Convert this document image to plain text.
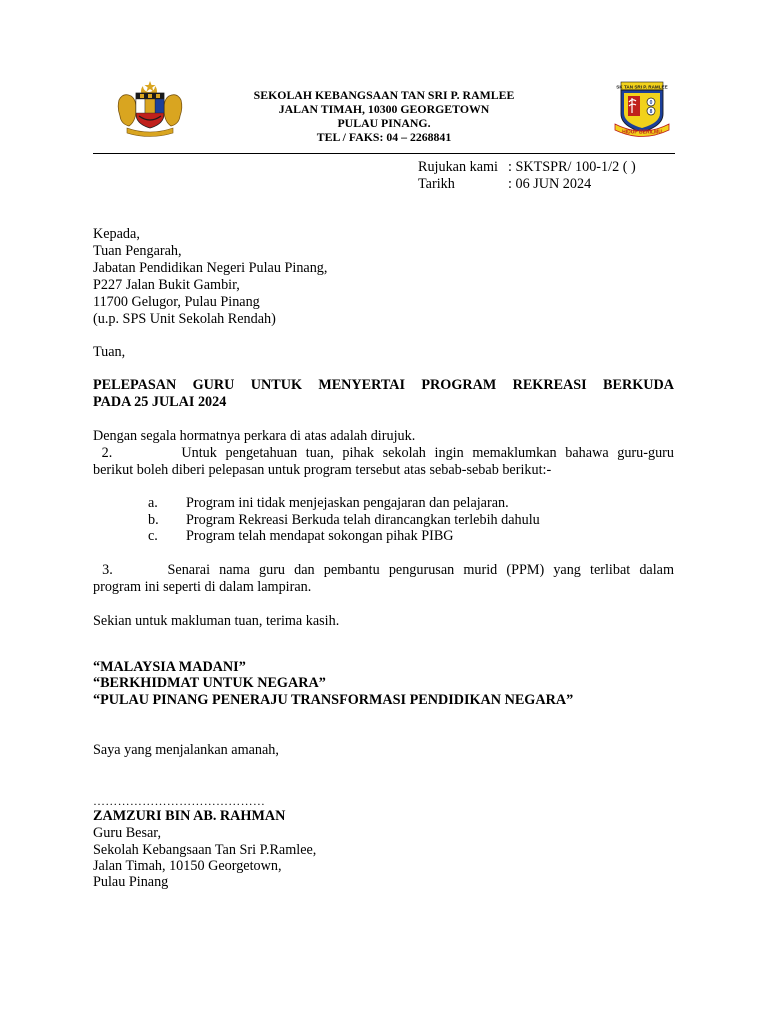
SEKOLAH KEBANGSAAN TAN SRI P. RAMLEE
JALAN TIMAH, 10300 GEORGETOWN
PULAU PINANG.
TEL / FAKS: 04 – 2268841
SK TAN SRI P. RAMLEE
0
8
HIDUP BERILMU
Rujukan kami : SKTSPR/ 100-1/2 ( )
Tarikh	: 06 JUN 2024
Kepada,
Tuan Pengarah,
Jabatan Pendidikan Negeri Pulau Pinang,
P227 Jalan Bukit Gambir,
11700 Gelugor, Pulau Pinang
(u.p. SPS Unit Sekolah Rendah)
Tuan,
PELEPASAN GURU UNTUK MENYERTAI PROGRAM REKREASI BERKUDA
PADA 25 JULAI 2024
Dengan segala hormatnya perkara di atas adalah dirujuk.
2.        Untuk pengetahuan tuan, pihak sekolah ingin memaklumkan bahawa guru-guru
berikut boleh diberi pelepasan untuk program tersebut atas sebab-sebab berikut:-
a. Program ini tidak menjejaskan pengajaran dan pelajaran.
b. Program Rekreasi Berkuda telah dirancangkan terlebih dahulu
c. Program telah mendapat sokongan pihak PIBG
3.      Senarai nama guru dan pembantu pengurusan murid (PPM) yang terlibat dalam
program ini seperti di dalam lampiran.
Sekian untuk makluman tuan, terima kasih.
“MALAYSIA MADANI”
“BERKHIDMAT UNTUK NEGARA”
“PULAU PINANG PENERAJU TRANSFORMASI PENDIDIKAN NEGARA”
Saya yang menjalankan amanah,
……………………………………
ZAMZURI BIN AB. RAHMAN
Guru Besar,
Sekolah Kebangsaan Tan Sri P.Ramlee,
Jalan Timah, 10150 Georgetown,
Pulau Pinang
